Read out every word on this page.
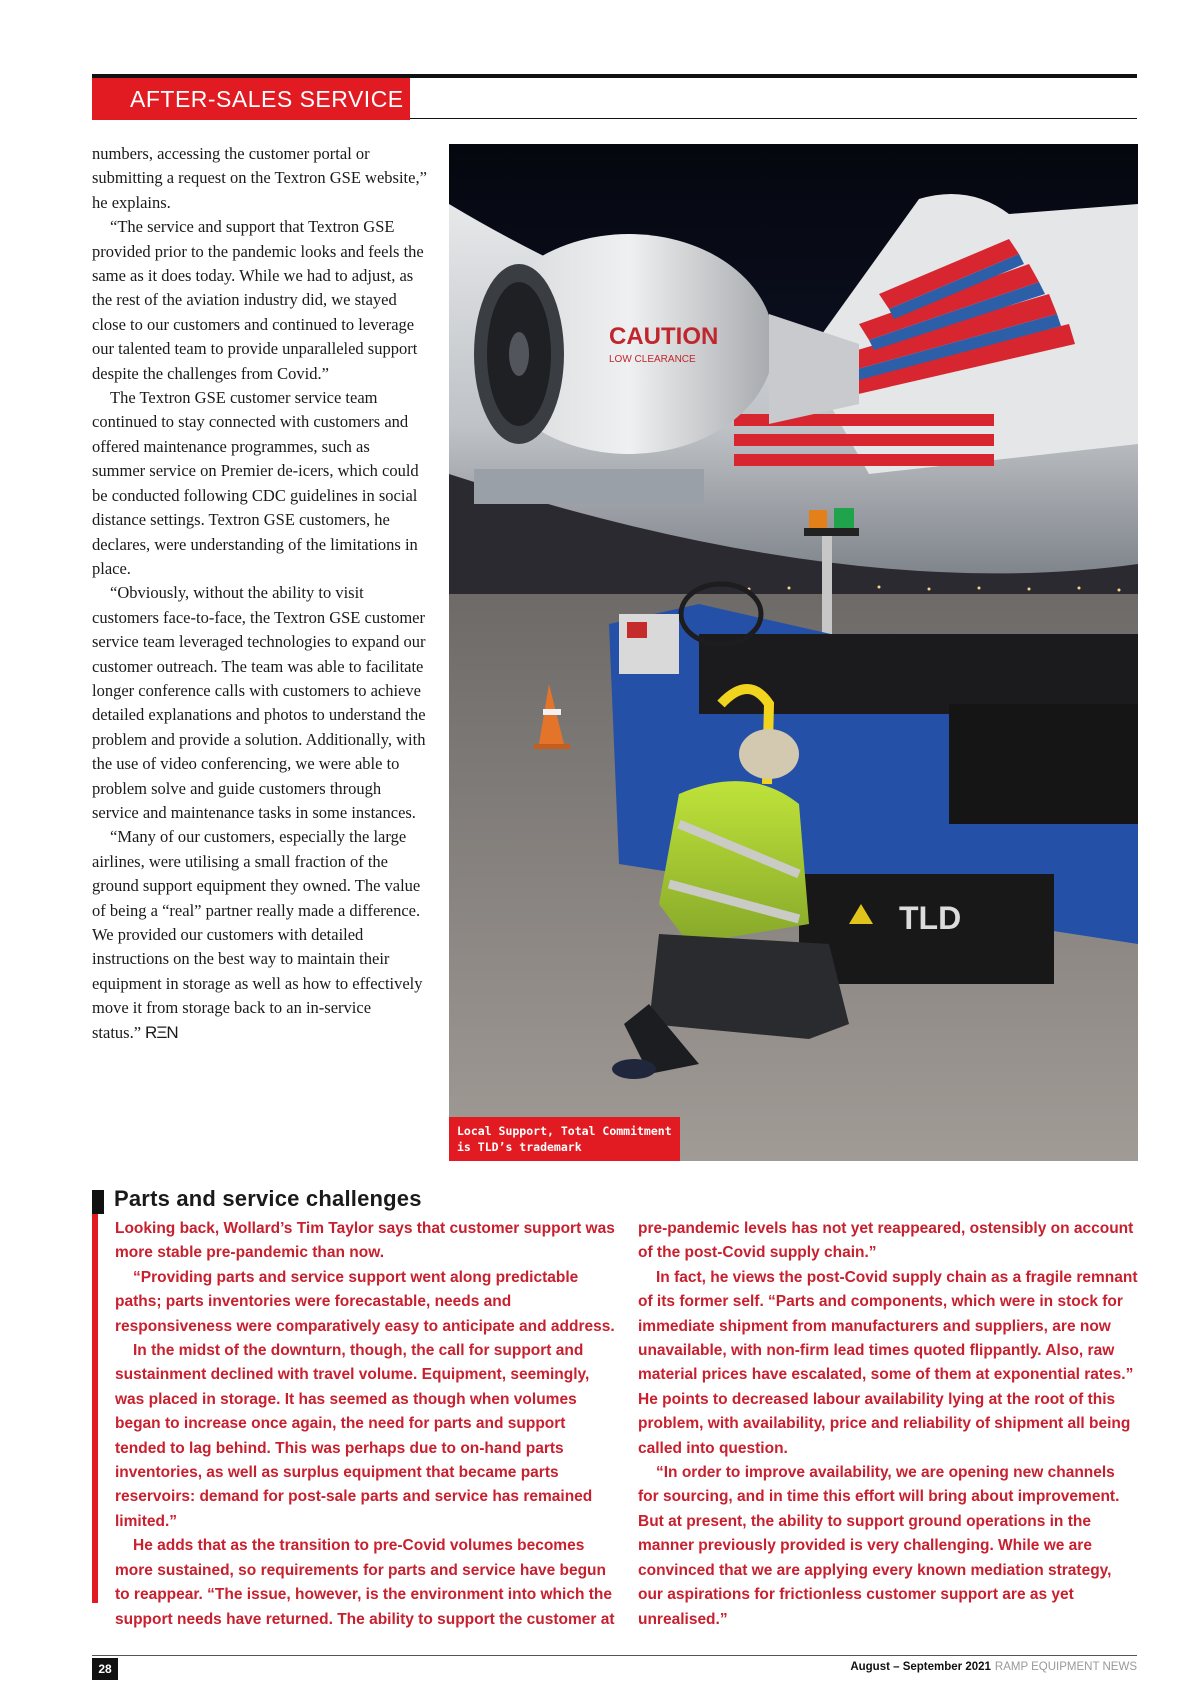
AFTER-SALES SERVICE

numbers, accessing the customer portal or submitting a request on the Textron GSE website,” he explains.

“The service and support that Textron GSE provided prior to the pandemic looks and feels the same as it does today. While we had to adjust, as the rest of the aviation industry did, we stayed close to our customers and continued to leverage our talented team to provide unparalleled support despite the challenges from Covid.”

The Textron GSE customer service team continued to stay connected with customers and offered maintenance programmes, such as summer service on Premier de-icers, which could be conducted following CDC guidelines in social distance settings. Textron GSE customers, he declares, were understanding of the limitations in place.

“Obviously, without the ability to visit customers face-to-face, the Textron GSE customer service team leveraged technologies to expand our customer outreach. The team was able to facilitate longer conference calls with customers to achieve detailed explanations and photos to understand the problem and provide a solution. Additionally, with the use of video conferencing, we were able to problem solve and guide customers through service and maintenance tasks in some instances.

“Many of our customers, especially the large airlines, were utilising a small fraction of the ground support equipment they owned. The value of being a “real” partner really made a difference. We provided our customers with detailed instructions on the best way to maintain their equipment in storage as well as how to effectively move it from storage back to an in-service status.” RΞN

CAUTION
LOW CLEARANCE
TLD
Local Support, Total Commitment is TLD’s trademark
Parts and service challenges

Looking back, Wollard’s Tim Taylor says that customer support was more stable pre-pandemic than now.

“Providing parts and service support went along predictable paths; parts inventories were forecastable, needs and responsiveness were comparatively easy to anticipate and address.

In the midst of the downturn, though, the call for support and sustainment declined with travel volume. Equipment, seemingly, was placed in storage. It has seemed as though when volumes began to increase once again, the need for parts and support tended to lag behind. This was perhaps due to on-hand parts inventories, as well as surplus equipment that became parts reservoirs: demand for post-sale parts and service has remained limited.”

He adds that as the transition to pre-Covid volumes becomes more sustained, so requirements for parts and service have begun to reappear. “The issue, however, is the environment into which the support needs have returned. The ability to support the customer at

pre-pandemic levels has not yet reappeared, ostensibly on account of the post-Covid supply chain.”

In fact, he views the post-Covid supply chain as a fragile remnant of its former self. “Parts and components, which were in stock for immediate shipment from manufacturers and suppliers, are now unavailable, with non-firm lead times quoted flippantly. Also, raw material prices have escalated, some of them at exponential rates.” He points to decreased labour availability lying at the root of this problem, with availability, price and reliability of shipment all being called into question.

“In order to improve availability, we are opening new channels for sourcing, and in time this effort will bring about improvement. But at present, the ability to support ground operations in the manner previously provided is very challenging. While we are convinced that we are applying every known mediation strategy, our aspirations for frictionless customer support are as yet unrealised.”

28	August – September 2021 RAMP EQUIPMENT NEWS
